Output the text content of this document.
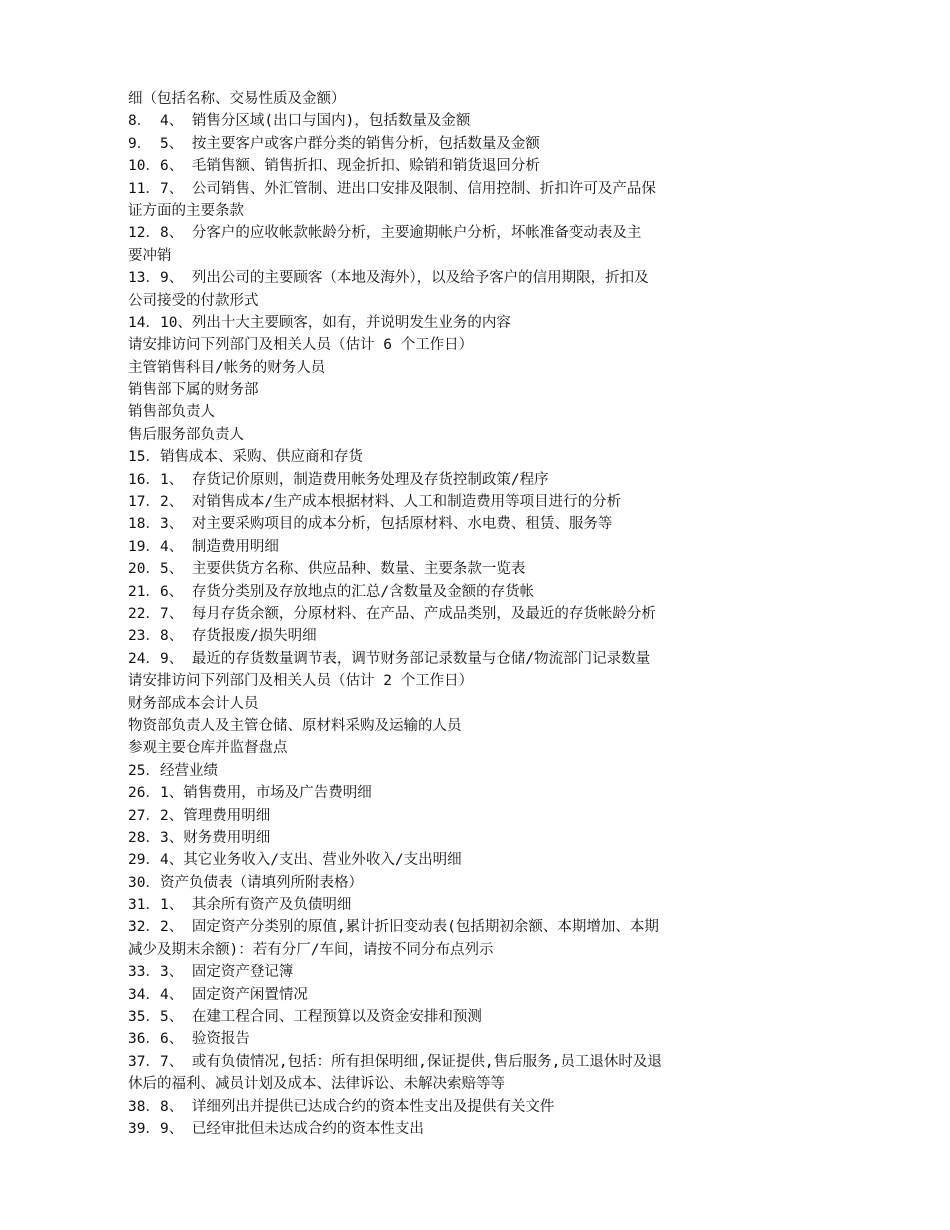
细（包括名称、交易性质及金额）
8． 4、 销售分区域(出口与国内)，包括数量及金额
9． 5、 按主要客户或客户群分类的销售分析，包括数量及金额
10．6、 毛销售额、销售折扣、现金折扣、赊销和销货退回分析
11．7、 公司销售、外汇管制、进出口安排及限制、信用控制、折扣许可及产品保
证方面的主要条款
12．8、 分客户的应收帐款帐龄分析，主要逾期帐户分析，坏帐准备变动表及主
要冲销
13．9、 列出公司的主要顾客（本地及海外），以及给予客户的信用期限，折扣及
公司接受的付款形式
14．10、列出十大主要顾客，如有，并说明发生业务的内容
请安排访问下列部门及相关人员（估计 6 个工作日）
主管销售科目/帐务的财务人员
销售部下属的财务部
销售部负责人
售后服务部负责人
15．销售成本、采购、供应商和存货
16．1、 存货记价原则，制造费用帐务处理及存货控制政策/程序
17．2、 对销售成本/生产成本根据材料、人工和制造费用等项目进行的分析
18．3、 对主要采购项目的成本分析，包括原材料、水电费、租赁、服务等
19．4、 制造费用明细
20．5、 主要供货方名称、供应品种、数量、主要条款一览表
21．6、 存货分类别及存放地点的汇总/含数量及金额的存货帐
22．7、 每月存货余额，分原材料、在产品、产成品类别，及最近的存货帐龄分析
23．8、 存货报废/损失明细
24．9、 最近的存货数量调节表，调节财务部记录数量与仓储/物流部门记录数量
请安排访问下列部门及相关人员（估计 2 个工作日）
财务部成本会计人员
物资部负责人及主管仓储、原材料采购及运输的人员
参观主要仓库并监督盘点
25．经营业绩
26．1、销售费用，市场及广告费明细
27．2、管理费用明细
28．3、财务费用明细
29．4、其它业务收入/支出、营业外收入/支出明细
30．资产负债表（请填列所附表格）
31．1、 其余所有资产及负债明细
32．2、 固定资产分类别的原值,累计折旧变动表(包括期初余额、本期增加、本期
减少及期末余额)：若有分厂/车间，请按不同分布点列示
33．3、 固定资产登记簿
34．4、 固定资产闲置情况
35．5、 在建工程合同、工程预算以及资金安排和预测
36．6、 验资报告
37．7、 或有负债情况,包括：所有担保明细,保证提供,售后服务,员工退休时及退
休后的福利、减员计划及成本、法律诉讼、未解决索赔等等
38．8、 详细列出并提供已达成合约的资本性支出及提供有关文件
39．9、 已经审批但未达成合约的资本性支出
